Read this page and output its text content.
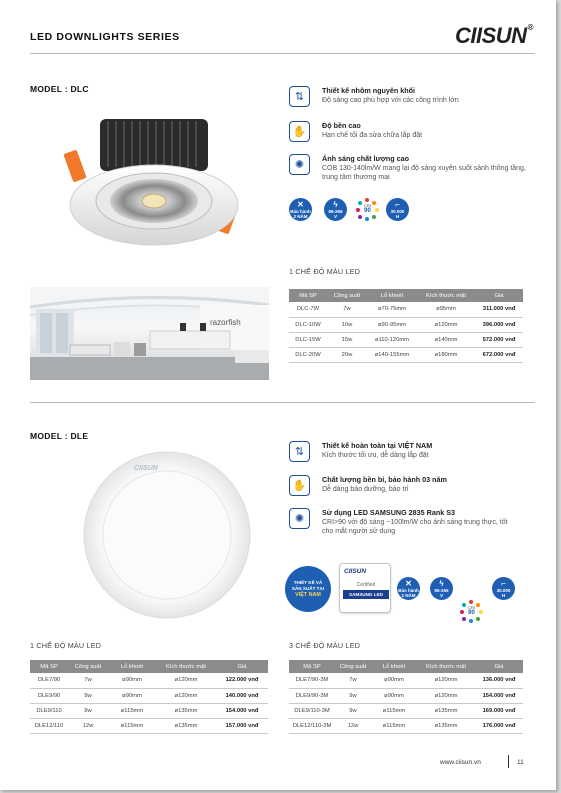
LED DOWNLIGHTS SERIES	CIISUN®
MODEL : DLC
⇅
Thiết kế nhôm nguyên khối
Độ sáng cao phù hợp với các công trình lớn
✋
Độ bền cao
Hạn chế tối đa sửa chữa lắp đặt
✺
Ánh sáng chất lượng cao
COB 130-140lm/W mang lại độ sáng xuyên suốt sảnh thông tầng, trung tâm thương mại
✕
Bảo hành
2 NĂM
ϟ
85-265
V
CRI
90
⌐
30.000
H
1 CHẾ ĐỘ MÀU LED
razorfish
Mã SP	Công suất	Lỗ khoét	Kích thước mặt	Giá
DLC-7W	7w	ø70-75mm	ø95mm	311.000 vnđ
DLC-10W	10w	ø90-95mm	ø120mm	396.000 vnđ
DLC-15W	15w	ø110-120mm	ø140mm	572.000 vnđ
DLC-20W	20w	ø140-155mm	ø180mm	672.000 vnđ
MODEL : DLE
CIISUN
⇅
Thiết kế hoàn toàn tại VIỆT NAM
Kích thước tối ưu, dễ dàng lắp đặt
✋
Chất lượng bền bỉ, bảo hành 03 năm
Dễ dàng bảo dưỡng, bảo trì
✺
Sử dụng LED SAMSUNG 2835 Rank S3
CRI>90 với độ sáng ~100lm/W cho ánh sáng trung thực, tốt cho mắt người sử dụng
THIẾT KẾ VÀ
SẢN XUẤT TẠI
VIỆT NAM
CIISUN
Certified
SAMSUNG LED
✕
Bảo hành
2 NĂM
ϟ
85-265
V
CRI
90
⌐
30.000
H
1 CHẾ ĐỘ MÀU LED
Mã SP	Công suất	Lỗ khoét	Kích thước mặt	Giá
DLE7/90	7w	ø90mm	ø120mm	122.000 vnđ
DLE9/90	9w	ø90mm	ø120mm	140.000 vnđ
DLE9/110	9w	ø115mm	ø135mm	154.000 vnđ
DLE12/110	12w	ø115mm	ø135mm	157.000 vnđ
3 CHẾ ĐỘ MÀU LED
Mã SP	Công suất	Lỗ khoét	Kích thước mặt	Giá
DLE7/90-3M	7w	ø90mm	ø120mm	136.000 vnđ
DLE9/90-3M	9w	ø90mm	ø120mm	154.000 vnđ
DLE9/110-3M	9w	ø115mm	ø135mm	169.000 vnđ
DLE12/110-3M	12w	ø115mm	ø135mm	176.000 vnđ
www.ciisun.vn	11
